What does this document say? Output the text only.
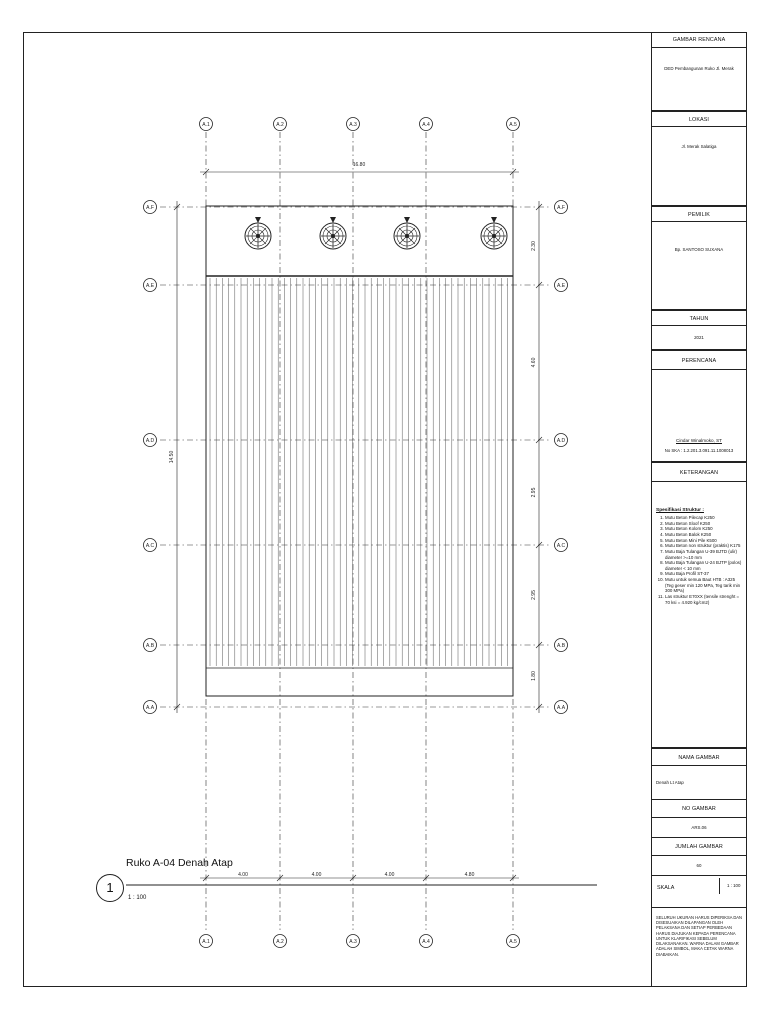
16.80
14.50
2.30
4.60
2.95
2.95
1.80
4.00	4.00	4.00	4.80
A.1
A.1
A.2
A.2
A.3
A.3
A.4
A.4
A.5
A.5
A.F	A.F
A.E	A.E
A.D	A.D
A.C	A.C
A.B	A.B
A.A	A.A
1
Ruko A-04 Denah Atap
1 : 100
GAMBAR RENCANA
DED Pembangunan Ruko Jl. Merak
LOKASI
Jl. Merak Salatiga
PEMILIK
Bp. SANTOSO SUXANA
TAHUN
2021
PERENCANA
Cindar Winalmoko, ST
No SKA : 1.2.201.3.091.11.1008013
KETERANGAN
Spesifikasi Struktur :
1. Mutu Beton Pilecap K250
2. Mutu Beton Sloof K250
3. Mutu Beton Kolom K250
4. Mutu Beton Balok K250
5. Mutu Beton Mini Pile K500
6. Mutu Beton non struktur (praktis) K175
7. Mutu Baja Tulangan U-39 BJTD (ulir) diameter >=10 mm
8. Mutu Baja Tulangan U-24 BJTP (polos) diameter < 10 mm
9. Mutu Baja Profil ST-37
10. Mutu untuk semua Baut HTB : A325 (Teg geser min 120 MPa, Teg tarik min 300 MPa)
11. Las struktur E70XX (tensile strenght = 70 ksi = 4.920 kg/cm2)
NAMA GAMBAR
Denah Lt Atap
NO GAMBAR
ARS.06
JUMLAH GAMBAR
60
SKALA	1 : 100
SELURUH UKURAN HARUS DIPERIKSA DAN DISESUAIKAN DILAPANGAN OLEH PELAKSANA DAN SETIAP PERBEDAAN HARUS DIAJUKAN KEPADA PERENCANA UNTUK KLARIFIKASI SEBELUM DILAKSANAKAN. WARNA DALAM GAMBAR ADALAH SIMBOL, MAKA CETAK WARNA DIABAIKAN.
